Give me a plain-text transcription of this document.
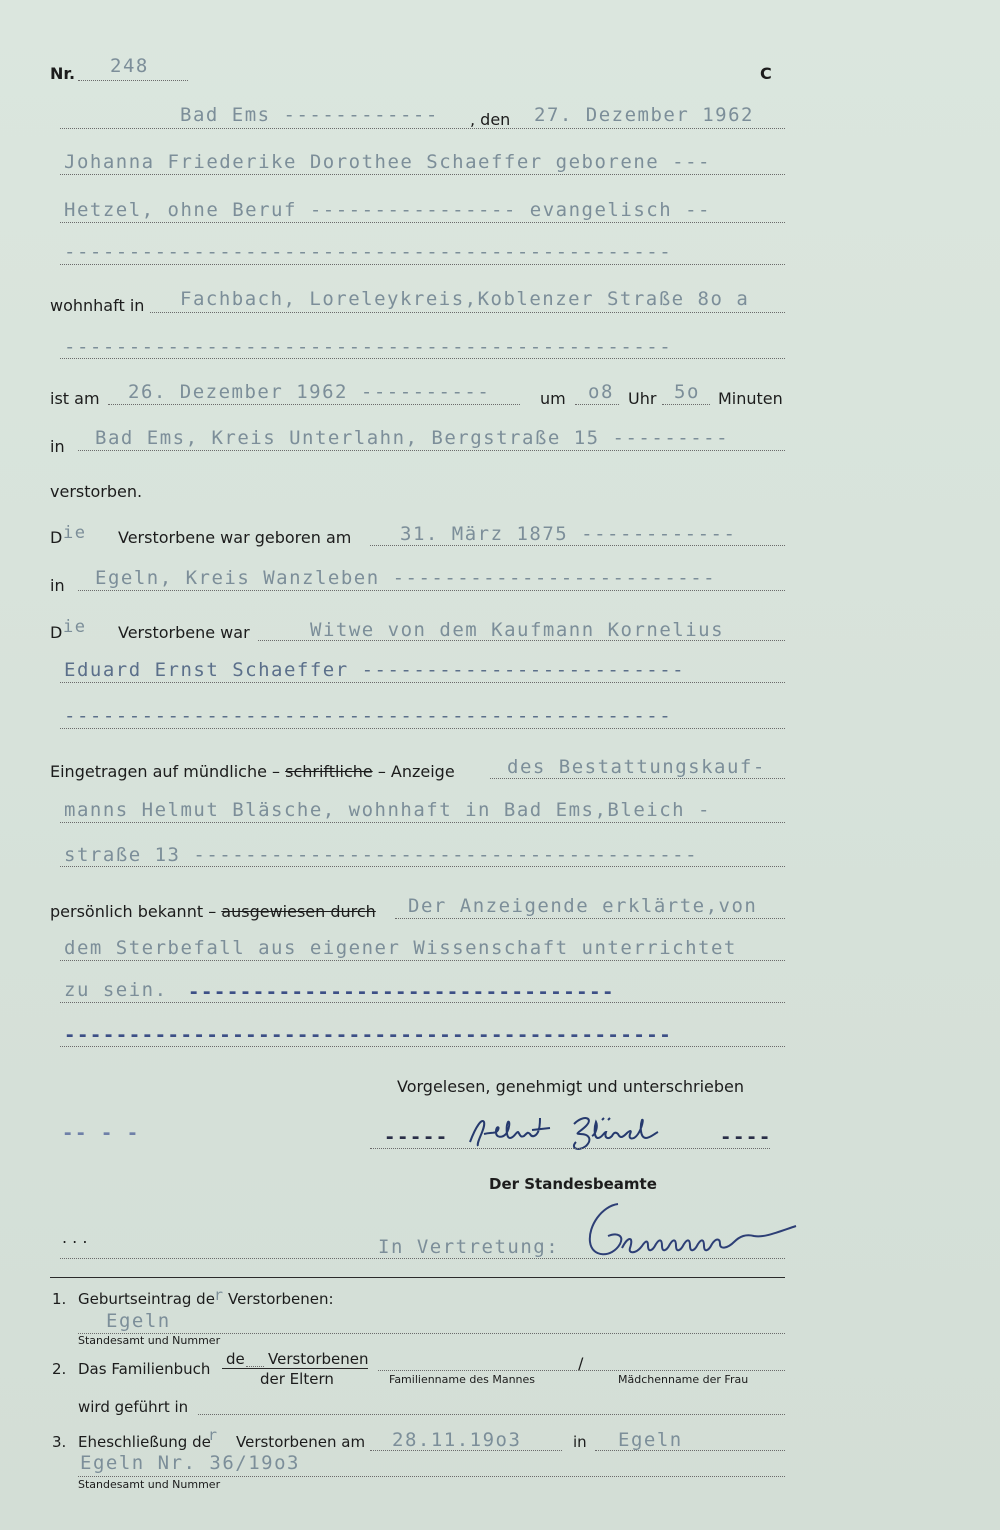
Nr. 248	C
Bad Ems ------------ , den 27. Dezember 1962
Johanna Friederike Dorothee Schaeffer geborene ---
Hetzel, ohne Beruf ---------------- evangelisch --
-----------------------------------------------
wohnhaft in Fachbach, Loreleykreis,Koblenzer Straße 8o a
-----------------------------------------------
ist am 26. Dezember 1962 ----------	um o8 Uhr 5o Minuten
in Bad Ems, Kreis Unterlahn, Bergstraße 15 ---------
verstorben.
D ie Verstorbene war geboren am	31. März 1875 ------------
in Egeln, Kreis Wanzleben -------------------------
D ie Verstorbene war	Witwe von dem Kaufmann Kornelius
Eduard Ernst Schaeffer -------------------------
-----------------------------------------------
Eingetragen auf mündliche – schriftliche – Anzeige	des Bestattungskauf-
manns Helmut Bläsche, wohnhaft in Bad Ems,Bleich -
straße 13 ---------------------------------------
persönlich bekannt – ausgewiesen durch Der Anzeigende erklärte,von
dem Sterbefall aus eigener Wissenschaft unterrichtet
zu sein. ---------------------------------
-----------------------------------------------
Vorgelesen, genehmigt und unterschrieben
-- - -	-----	----
Der Standesbeamte
. . .	In Vertretung:
1. Geburtseintrag de r Verstorbenen:
Egeln
Standesamt und Nummer
2. Das Familienbuch
de Verstorbenen
der Eltern
/
Familienname des Mannes	Mädchenname der Frau
wird geführt in
3. Eheschließung de
r Verstorbenen am 28.11.19o3	in Egeln
Egeln Nr. 36/19o3
Standesamt und Nummer
